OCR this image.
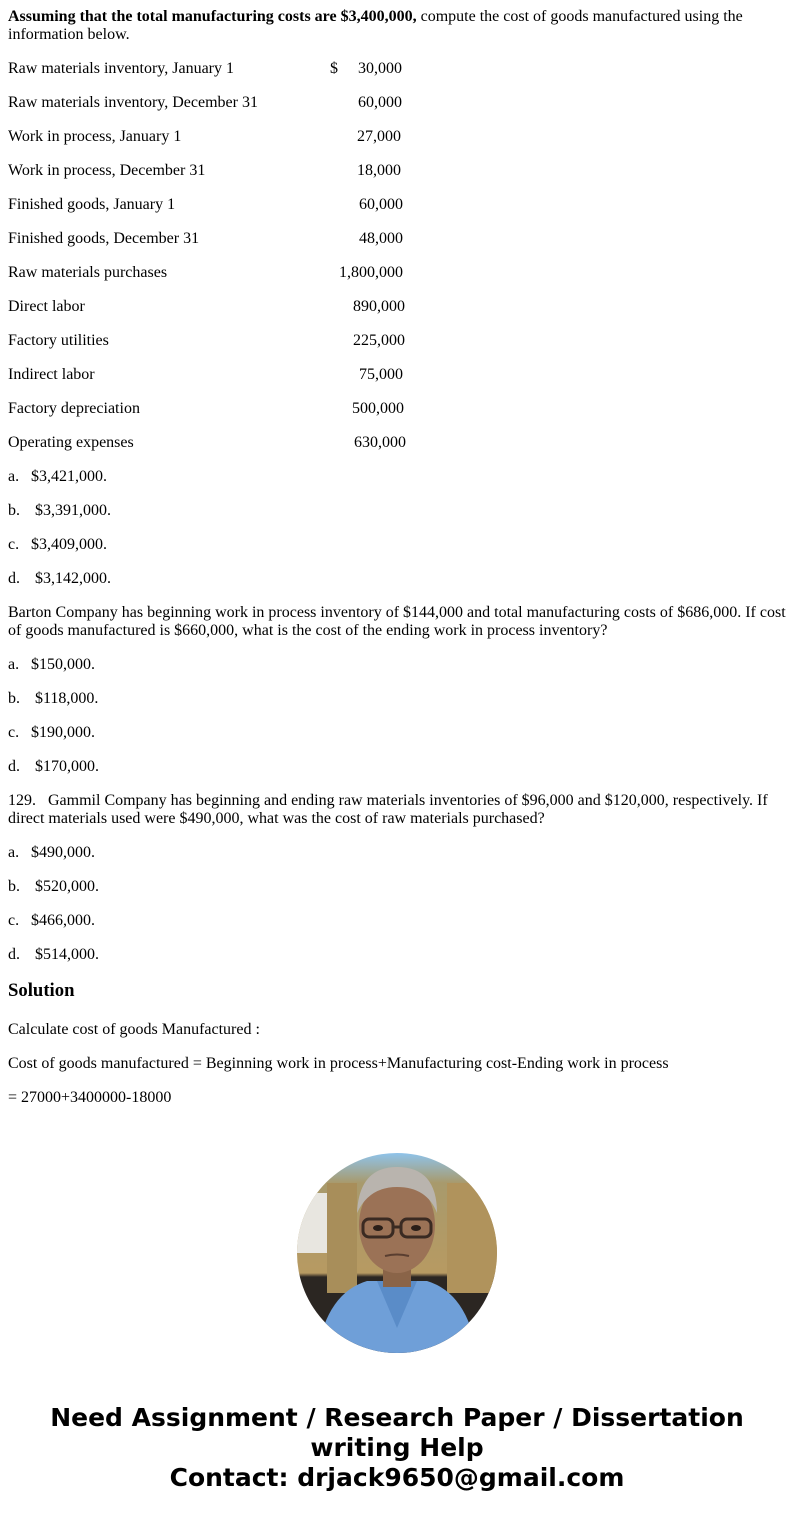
Assuming that the total manufacturing costs are $3,400,000, compute the cost of goods manufactured using the information below.

Raw materials inventory, January 1	$ 30,000
Raw materials inventory, December 31	60,000
Work in process, January 1	27,000
Work in process, December 31	18,000
Finished goods, January 1	60,000
Finished goods, December 31	48,000
Raw materials purchases	1,800,000
Direct labor	890,000
Factory utilities	225,000
Indirect labor	75,000
Factory depreciation	500,000
Operating expenses	630,000
a. $3,421,000.
b. $3,391,000.
c. $3,409,000.
d. $3,142,000.

Barton Company has beginning work in process inventory of $144,000 and total manufacturing costs of $686,000. If cost of goods manufactured is $660,000, what is the cost of the ending work in process inventory?

a. $150,000.
b. $118,000.
c. $190,000.
d. $170,000.

129.   Gammil Company has beginning and ending raw materials inventories of $96,000 and $120,000, respectively. If direct materials used were $490,000, what was the cost of raw materials purchased?

a. $490,000.
b. $520,000.
c. $466,000.
d. $514,000.
Solution

Calculate cost of goods Manufactured :

Cost of goods manufactured = Beginning work in process+Manufacturing cost-Ending work in process

= 27000+3400000-18000

Need Assignment / Research Paper / Dissertation
writing Help
Contact: drjack9650@gmail.com
